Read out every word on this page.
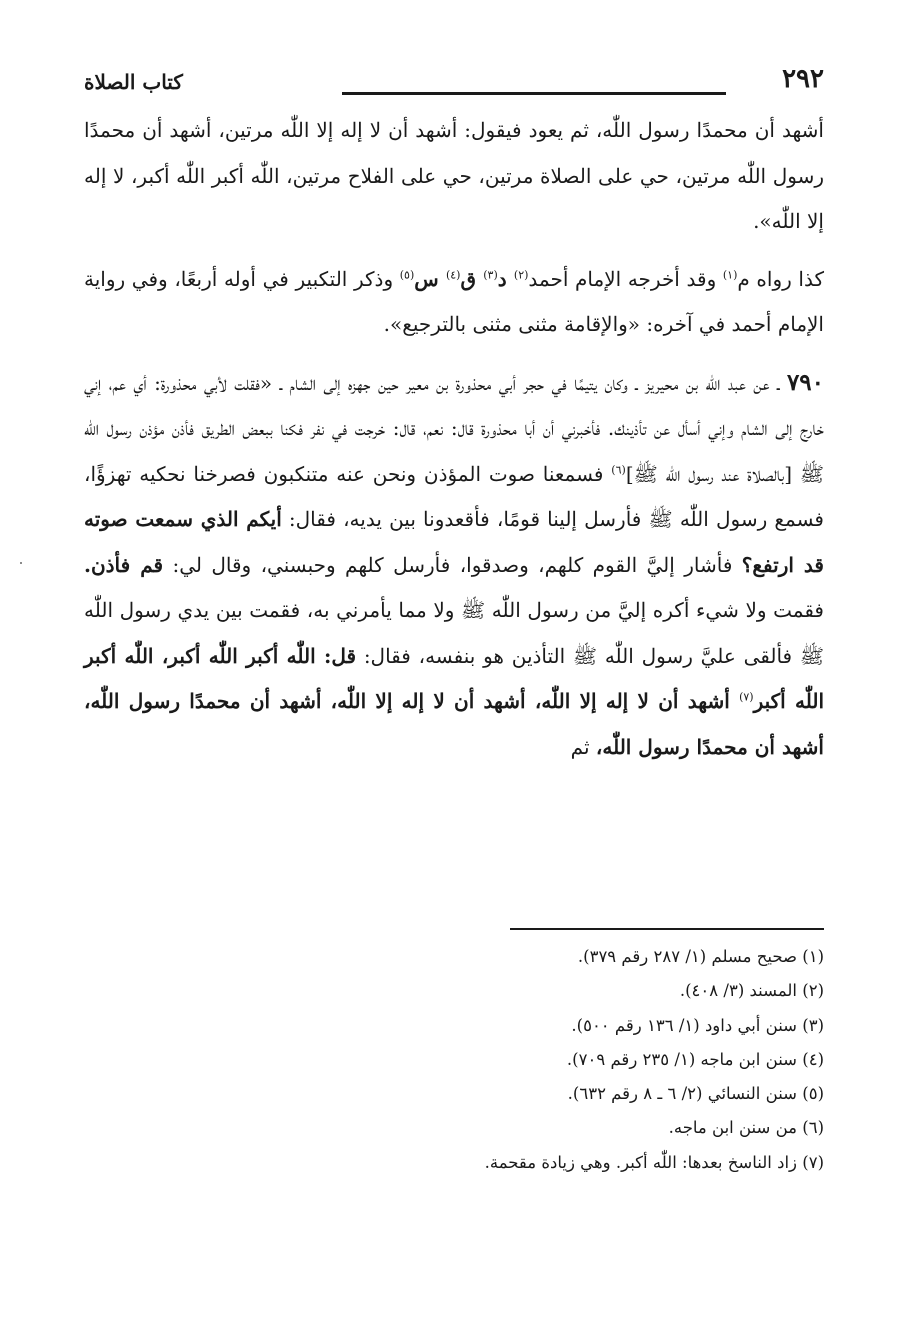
٢٩٢
كتاب الصلاة

أشهد أن محمدًا رسول اللّٰه، ثم يعود فيقول: أشهد أن لا إله إلا اللّٰه مرتين، أشهد أن محمدًا رسول اللّٰه مرتين، حي على الصلاة مرتين، حي على الفلاح مرتين، اللّٰه أكبر اللّٰه أكبر، لا إله إلا اللّٰه».

كذا رواه م$^{(١)}$ وقد أخرجه الإمام أحمد$^{(٢)}$ د$^{(٣)}$ ق$^{(٤)}$ س$^{(٥)}$ وذكر التكبير في أوله أربعًا، وفي رواية الإمام أحمد في آخره: «والإقامة مثنى مثنى بالترجيع».

٧٩٠ ـ عن عبد اللّٰه بن محيريز ـ وكان يتيمًا في حجر أبي محذورة بن معير حين جهزه إلى الشام ـ «فقلت لأبي محذورة: أي عم، إني خارج إلى الشام وإني أسأل عن تأذينك. فأخبرني أن أبا محذورة قال: نعم، قال: خرجت في نفر فكنا ببعض الطريق فأذن مؤذن رسول اللّٰه ﷺ [بالصلاة عند رسول اللّٰه ﷺ]$^{(٦)}$ فسمعنا صوت المؤذن ونحن عنه متنكبون فصرخنا نحكيه تهزؤًا، فسمع رسول اللّٰه ﷺ فأرسل إلينا قومًا، فأقعدونا بين يديه، فقال: أيكم الذي سمعت صوته قد ارتفع؟ فأشار إليَّ القوم كلهم، وصدقوا، فأرسل كلهم وحبسني، وقال لي: قم فأذن. فقمت ولا شيء أكره إليَّ من رسول اللّٰه ﷺ ولا مما يأمرني به، فقمت بين يدي رسول اللّٰه ﷺ فألقى عليَّ رسول اللّٰه ﷺ التأذين هو بنفسه، فقال: قل: اللّٰه أكبر اللّٰه أكبر، اللّٰه أكبر اللّٰه أكبر$^{(٧)}$ أشهد أن لا إله إلا اللّٰه، أشهد أن لا إله إلا اللّٰه، أشهد أن محمدًا رسول اللّٰه، أشهد أن محمدًا رسول اللّٰه، ثم

(١) صحيح مسلم (١/ ٢٨٧ رقم ٣٧٩).
(٢) المسند (٣/ ٤٠٨).
(٣) سنن أبي داود (١/ ١٣٦ رقم ٥٠٠).
(٤) سنن ابن ماجه (١/ ٢٣٥ رقم ٧٠٩).
(٥) سنن النسائي (٢/ ٦ ـ ٨ رقم ٦٣٢).
(٦) من سنن ابن ماجه.
(٧) زاد الناسخ بعدها: اللّٰه أكبر. وهي زيادة مقحمة.
